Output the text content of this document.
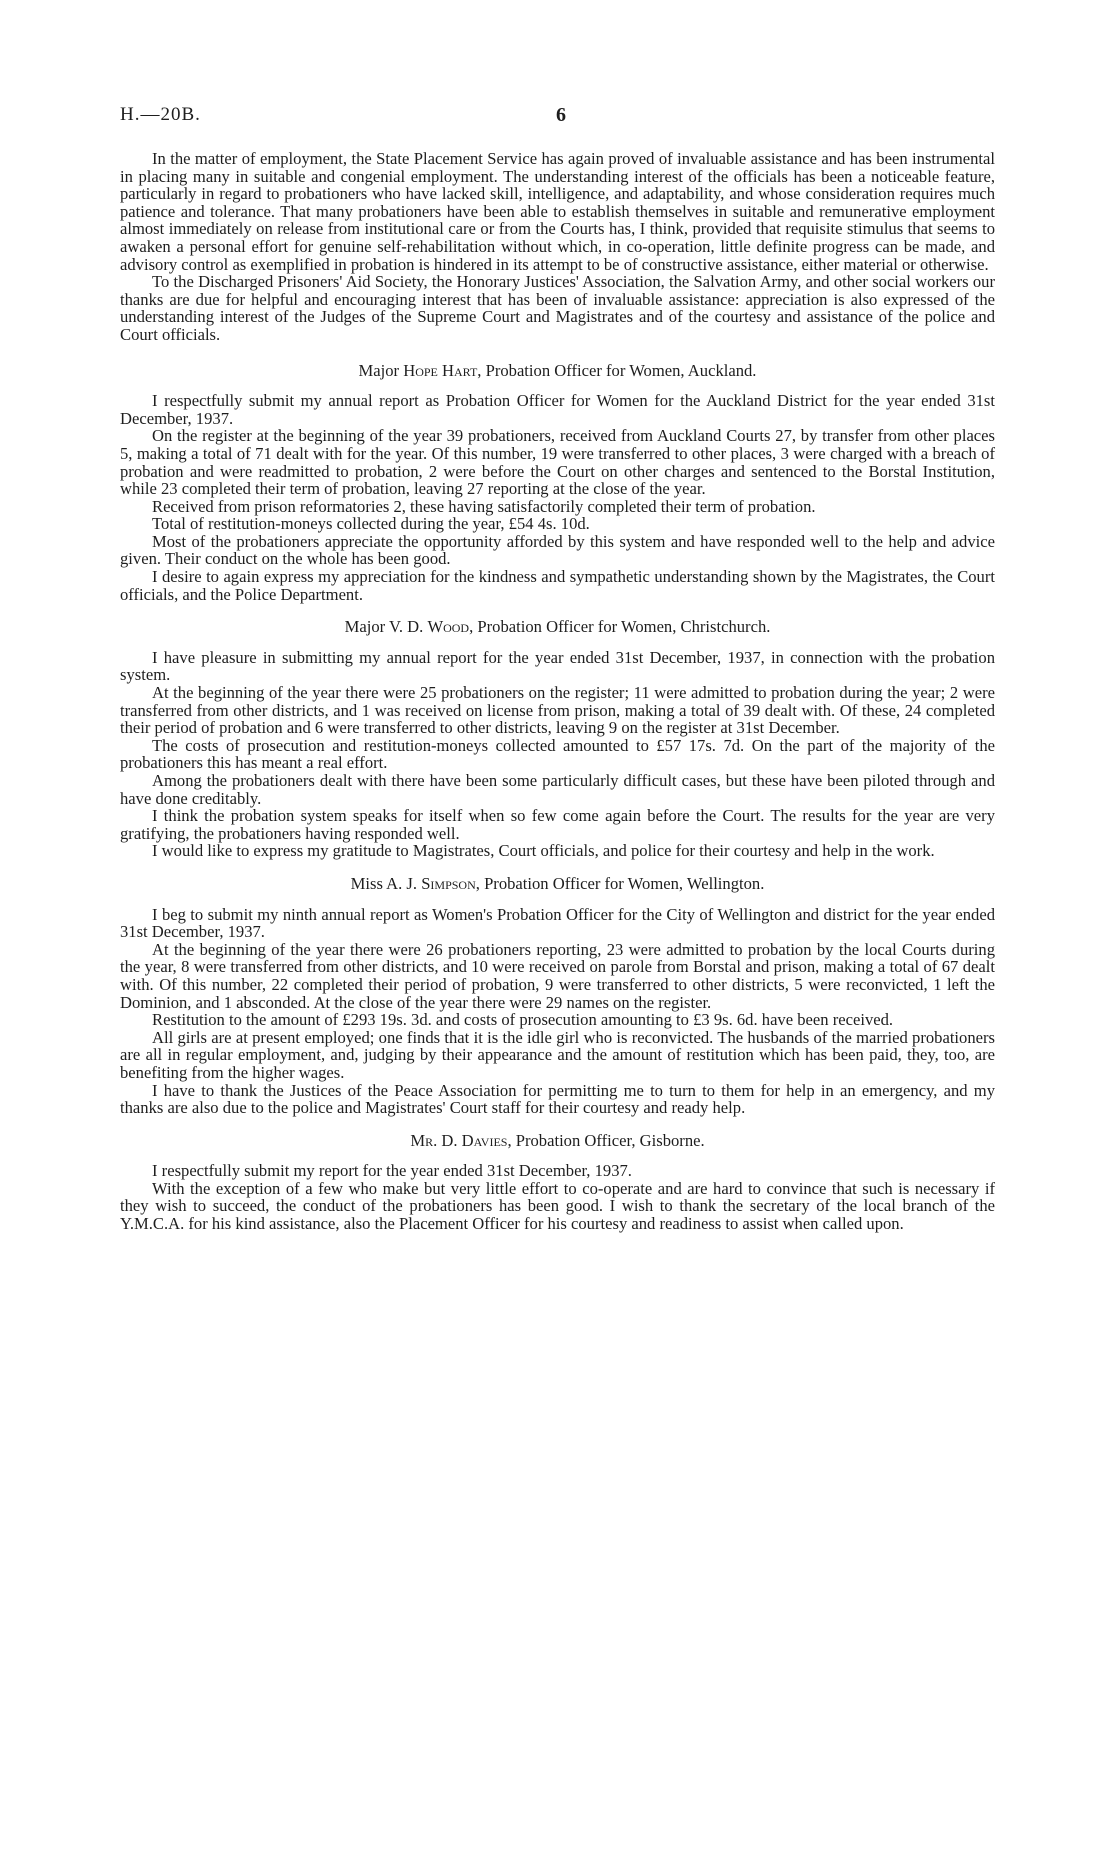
H.—20B.	6

In the matter of employment, the State Placement Service has again proved of invaluable assistance and has been instrumental in placing many in suitable and congenial employment. The understanding interest of the officials has been a noticeable feature, particularly in regard to probationers who have lacked skill, intelligence, and adaptability, and whose consideration requires much patience and tolerance. That many probationers have been able to establish themselves in suitable and remunerative employment almost immediately on release from institutional care or from the Courts has, I think, provided that requisite stimulus that seems to awaken a personal effort for genuine self-rehabilitation without which, in co-operation, little definite progress can be made, and advisory control as exemplified in probation is hindered in its attempt to be of constructive assistance, either material or otherwise.

To the Discharged Prisoners' Aid Society, the Honorary Justices' Association, the Salvation Army, and other social workers our thanks are due for helpful and encouraging interest that has been of invaluable assistance: appreciation is also expressed of the understanding interest of the Judges of the Supreme Court and Magistrates and of the courtesy and assistance of the police and Court officials.

Major Hope Hart, Probation Officer for Women, Auckland.

I respectfully submit my annual report as Probation Officer for Women for the Auckland District for the year ended 31st December, 1937.

On the register at the beginning of the year 39 probationers, received from Auckland Courts 27, by transfer from other places 5, making a total of 71 dealt with for the year. Of this number, 19 were transferred to other places, 3 were charged with a breach of probation and were readmitted to probation, 2 were before the Court on other charges and sentenced to the Borstal Institution, while 23 completed their term of probation, leaving 27 reporting at the close of the year.

Received from prison reformatories 2, these having satisfactorily completed their term of probation.

Total of restitution-moneys collected during the year, £54 4s. 10d.

Most of the probationers appreciate the opportunity afforded by this system and have responded well to the help and advice given. Their conduct on the whole has been good.

I desire to again express my appreciation for the kindness and sympathetic understanding shown by the Magistrates, the Court officials, and the Police Department.

Major V. D. Wood, Probation Officer for Women, Christchurch.

I have pleasure in submitting my annual report for the year ended 31st December, 1937, in connection with the probation system.

At the beginning of the year there were 25 probationers on the register; 11 were admitted to probation during the year; 2 were transferred from other districts, and 1 was received on license from prison, making a total of 39 dealt with. Of these, 24 completed their period of probation and 6 were transferred to other districts, leaving 9 on the register at 31st December.

The costs of prosecution and restitution-moneys collected amounted to £57 17s. 7d. On the part of the majority of the probationers this has meant a real effort.

Among the probationers dealt with there have been some particularly difficult cases, but these have been piloted through and have done creditably.

I think the probation system speaks for itself when so few come again before the Court. The results for the year are very gratifying, the probationers having responded well.

I would like to express my gratitude to Magistrates, Court officials, and police for their courtesy and help in the work.

Miss A. J. Simpson, Probation Officer for Women, Wellington.

I beg to submit my ninth annual report as Women's Probation Officer for the City of Wellington and district for the year ended 31st December, 1937.

At the beginning of the year there were 26 probationers reporting, 23 were admitted to probation by the local Courts during the year, 8 were transferred from other districts, and 10 were received on parole from Borstal and prison, making a total of 67 dealt with. Of this number, 22 completed their period of probation, 9 were transferred to other districts, 5 were reconvicted, 1 left the Dominion, and 1 absconded. At the close of the year there were 29 names on the register.

Restitution to the amount of £293 19s. 3d. and costs of prosecution amounting to £3 9s. 6d. have been received.

All girls are at present employed; one finds that it is the idle girl who is reconvicted. The husbands of the married probationers are all in regular employment, and, judging by their appearance and the amount of restitution which has been paid, they, too, are benefiting from the higher wages.

I have to thank the Justices of the Peace Association for permitting me to turn to them for help in an emergency, and my thanks are also due to the police and Magistrates' Court staff for their courtesy and ready help.

Mr. D. Davies, Probation Officer, Gisborne.

I respectfully submit my report for the year ended 31st December, 1937.

With the exception of a few who make but very little effort to co-operate and are hard to convince that such is necessary if they wish to succeed, the conduct of the probationers has been good. I wish to thank the secretary of the local branch of the Y.M.C.A. for his kind assistance, also the Placement Officer for his courtesy and readiness to assist when called upon.
